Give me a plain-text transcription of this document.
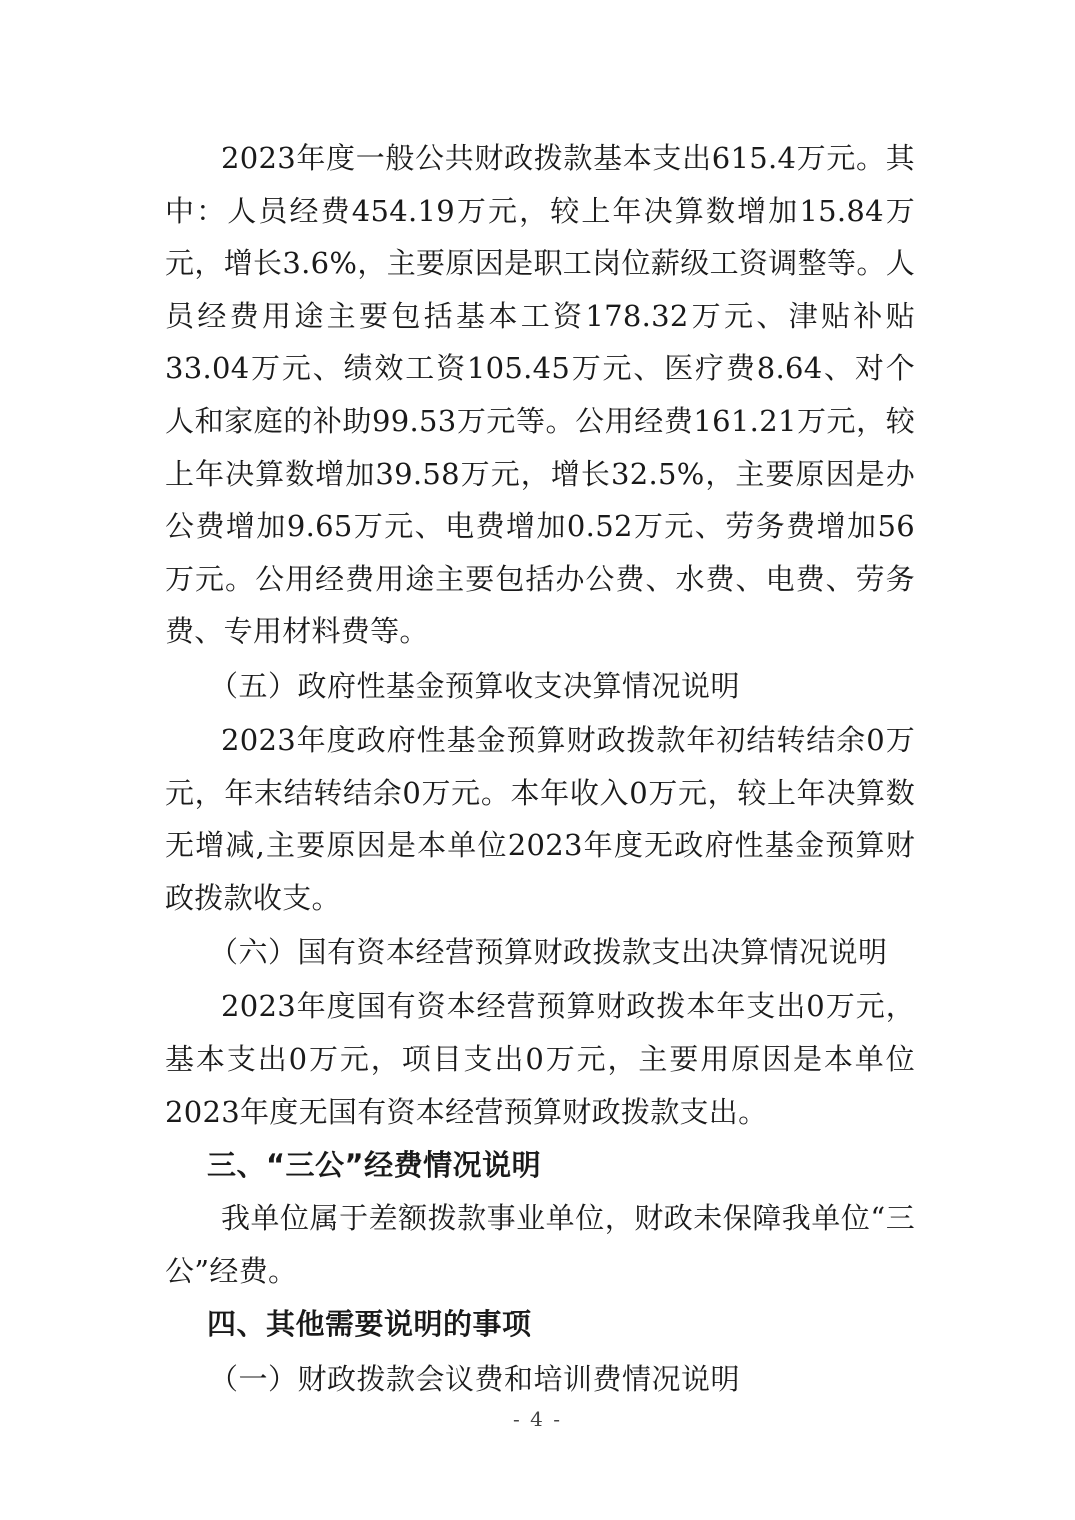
2023年度一般公共财政拨款基本支出615.4万元。其中：人员经费454.19万元，较上年决算数增加15.84万元，增长3.6%，主要原因是职工岗位薪级工资调整等。人员经费用途主要包括基本工资178.32万元、津贴补贴33.04万元、绩效工资105.45万元、医疗费8.64、对个人和家庭的补助99.53万元等。公用经费161.21万元，较上年决算数增加39.58万元，增长32.5%，主要原因是办公费增加9.65万元、电费增加0.52万元、劳务费增加56万元。公用经费用途主要包括办公费、水费、电费、劳务费、专用材料费等。

（五）政府性基金预算收支决算情况说明

2023年度政府性基金预算财政拨款年初结转结余0万元，年末结转结余0万元。本年收入0万元，较上年决算数无增减,主要原因是本单位2023年度无政府性基金预算财政拨款收支。

（六）国有资本经营预算财政拨款支出决算情况说明

2023年度国有资本经营预算财政拨本年支出0万元，基本支出0万元，项目支出0万元，主要用原因是本单位2023年度无国有资本经营预算财政拨款支出。

三、“三公”经费情况说明

我单位属于差额拨款事业单位，财政未保障我单位“三公”经费。

四、其他需要说明的事项

（一）财政拨款会议费和培训费情况说明

- 4 -
